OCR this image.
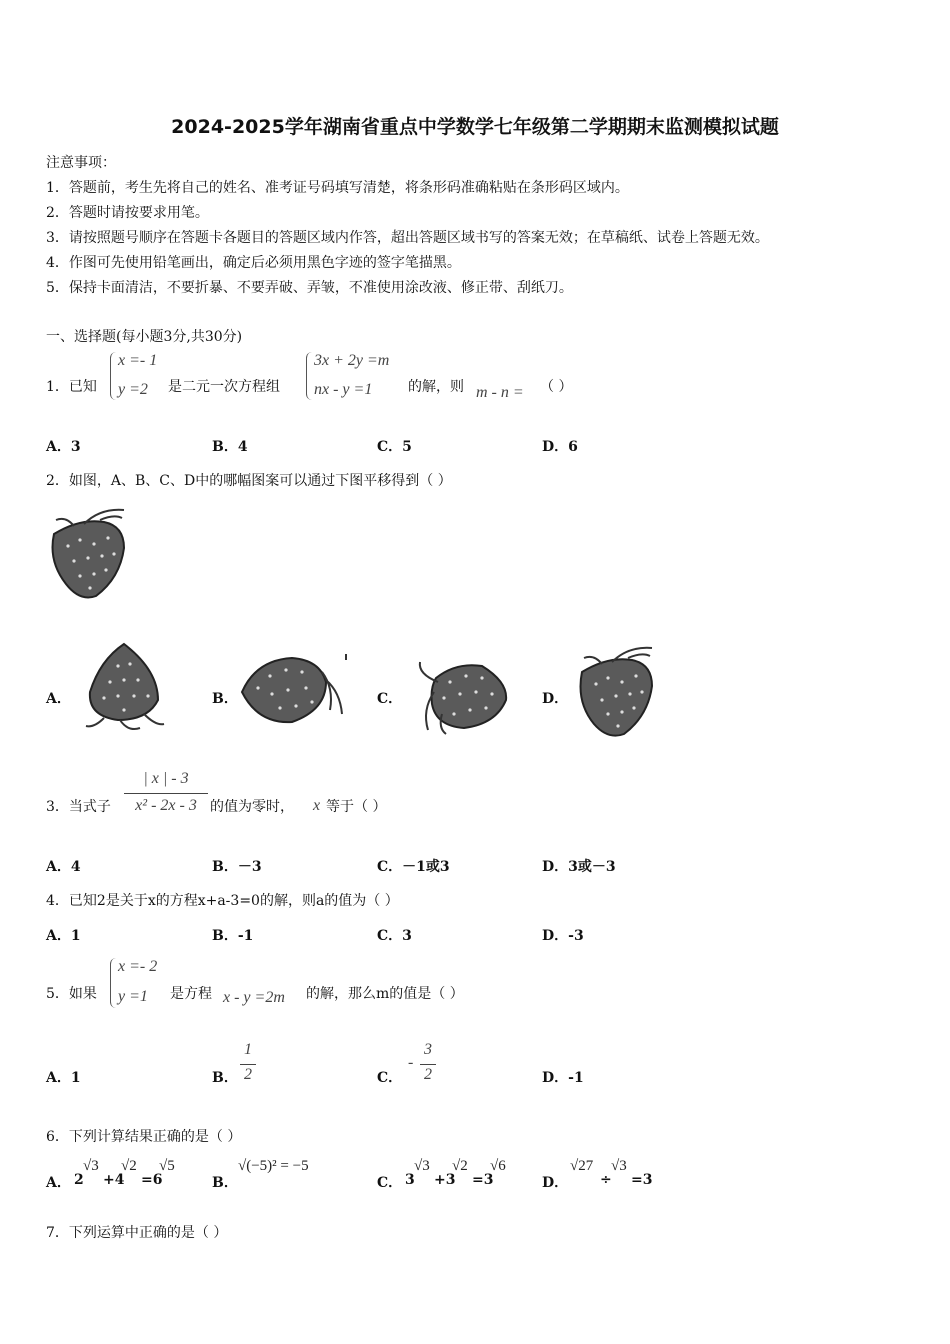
2024-2025学年湖南省重点中学数学七年级第二学期期末监测模拟试题
注意事项：
1．答题前，考生先将自己的姓名、准考证号码填写清楚，将条形码准确粘贴在条形码区域内。
2．答题时请按要求用笔。
3．请按照题号顺序在答题卡各题目的答题区域内作答，超出答题区域书写的答案无效；在草稿纸、试卷上答题无效。
4．作图可先使用铅笔画出，确定后必须用黑色字迹的签字笔描黑。
5．保持卡面清洁，不要折暴、不要弄破、弄皱，不准使用涂改液、修正带、刮纸刀。
一、选择题(每小题3分,共30分)
1．已知
x =- 1
y =2 是二元一次方程组
3x + 2y =m
nx - y =1	的解，则 m - n = （ ）
A．3	B．4	C．5	D．6
2．如图，A、B、C、D中的哪幅图案可以通过下图平移得到（ ）
A．	B．	C．	D．
3．当式子
| x | - 3
x² - 2x - 3 的值为零时， x 等于（ ）
A．4	B．－3	C．－1或3	D．3或－3
4．已知2是关于x的方程x+a-3=0的解，则a的值为（ ）
A．1	B．-1	C．3	D．-3
5．如果
x =- 2
y =1 是方程 x - y =2m 的解，那么m的值是（ ）
A．1	B．
1
2	C．
-
3
2	D．-1
6．下列计算结果正确的是（ ）
A． 2
√3
+4
√2
=6
√5
B．
√(−5)² = −5
C． 3
√3
+3
√2
=3
√6
D．
√27
÷
√3
=3
7．下列运算中正确的是（ ）
